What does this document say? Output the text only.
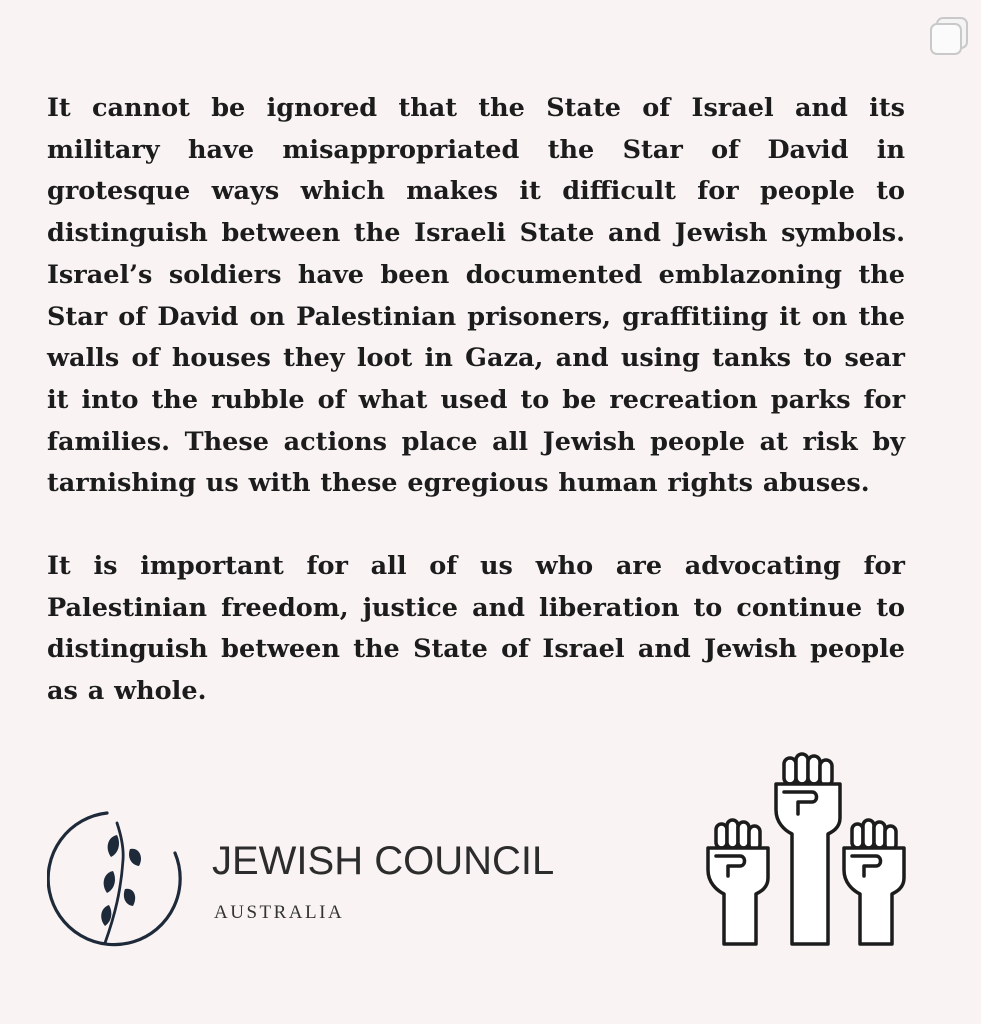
It cannot be ignored that the State of Israel and its military have misappropriated the Star of David in grotesque ways which makes it difficult for people to distinguish between the Israeli State and Jewish symbols. Israel’s soldiers have been documented emblazoning the Star of David on Palestinian prisoners, graffitiing it on the walls of houses they loot in Gaza, and using tanks to sear it into the rubble of what used to be recreation parks for families. These actions place all Jewish people at risk by tarnishing us with these egregious human rights abuses.

It is important for all of us who are advocating for Palestinian freedom, justice and liberation to continue to distinguish between the State of Israel and Jewish people as a whole.

JEWISH COUNCIL
AUSTRALIA
